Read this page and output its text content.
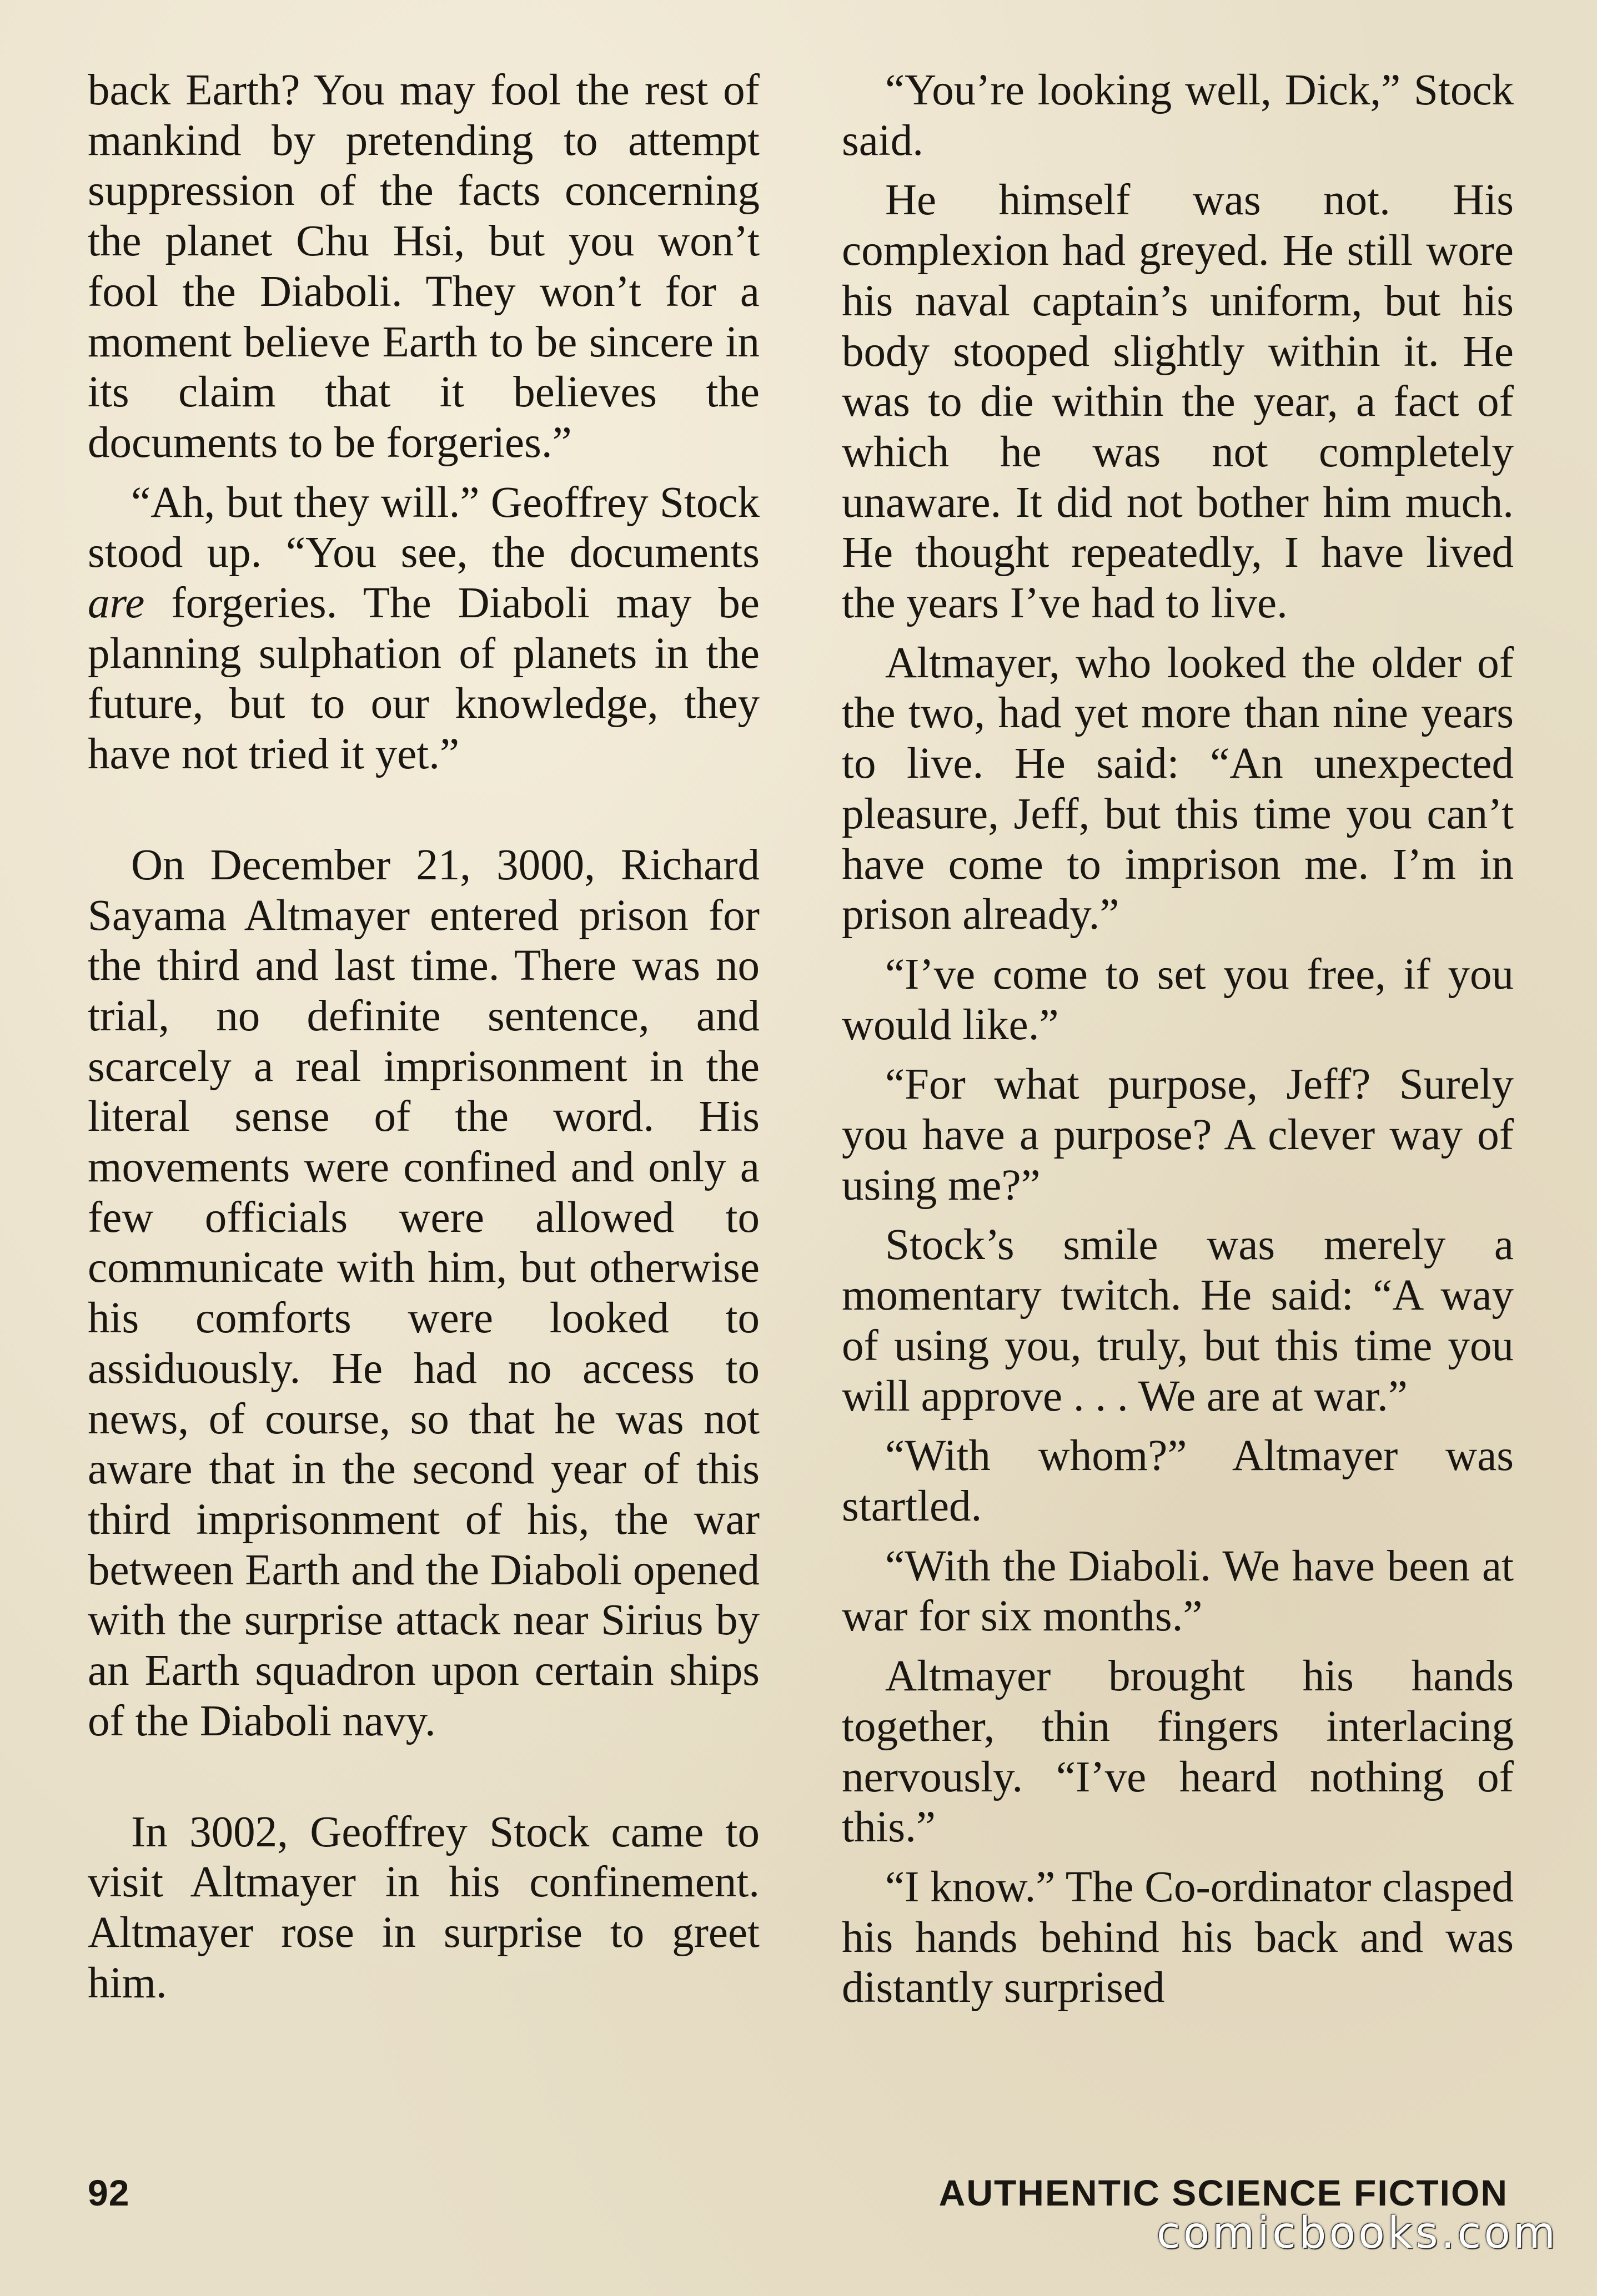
back Earth? You may fool the rest of mankind by pretending to attempt suppression of the facts concerning the planet Chu Hsi, but you won’t fool the Diaboli. They won’t for a moment believe Earth to be sincere in its claim that it believes the documents to be forgeries.”

“Ah, but they will.” Geoffrey Stock stood up. “You see, the documents are forgeries. The Diaboli may be planning sulphation of planets in the future, but to our knowledge, they have not tried it yet.”

On December 21, 3000, Richard Sayama Altmayer entered prison for the third and last time. There was no trial, no definite sentence, and scarcely a real imprisonment in the literal sense of the word. His movements were confined and only a few officials were allowed to communicate with him, but otherwise his comforts were looked to assiduously. He had no access to news, of course, so that he was not aware that in the second year of this third imprisonment of his, the war between Earth and the Diaboli opened with the surprise attack near Sirius by an Earth squadron upon certain ships of the Diaboli navy.

In 3002, Geoffrey Stock came to visit Altmayer in his confinement. Altmayer rose in surprise to greet him.

“You’re looking well, Dick,” Stock said.

He himself was not. His complexion had greyed. He still wore his naval captain’s uniform, but his body stooped slightly within it. He was to die within the year, a fact of which he was not completely unaware. It did not bother him much. He thought repeatedly, I have lived the years I’ve had to live.

Altmayer, who looked the older of the two, had yet more than nine years to live. He said: “An unexpected pleasure, Jeff, but this time you can’t have come to imprison me. I’m in prison already.”

“I’ve come to set you free, if you would like.”

“For what purpose, Jeff? Surely you have a purpose? A clever way of using me?”

Stock’s smile was merely a momentary twitch. He said: “A way of using you, truly, but this time you will approve . . . We are at war.”

“With whom?” Altmayer was startled.

“With the Diaboli. We have been at war for six months.”

Altmayer brought his hands together, thin fingers interlacing nervously. “I’ve heard nothing of this.”

“I know.” The Co-ordinator clasped his hands behind his back and was distantly surprised

92	AUTHENTIC SCIENCE FICTION
comicbooks.com
